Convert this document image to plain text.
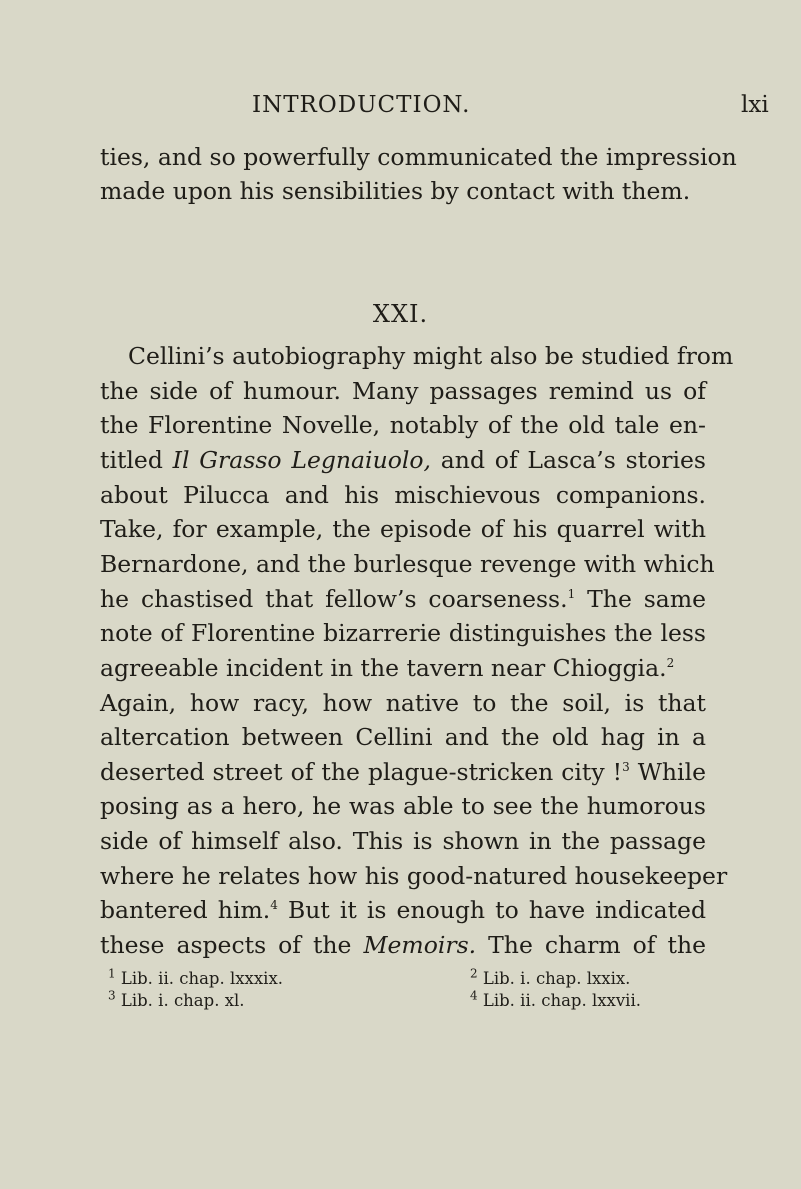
INTRODUCTION.	lxi
ties, and so powerfully communicated the impression
made upon his sensibilities by contact with them.
XXI.
Cellini’s autobiography might also be studied from
the side of humour. Many passages remind us of
the Florentine Novelle, notably of the old tale en-
titled Il Grasso Legnaiuolo, and of Lasca’s stories
about Pilucca and his mischievous companions.
Take, for example, the episode of his quarrel with
Bernardone, and the burlesque revenge with which
he chastised that fellow’s coarseness.$^1$ The same
note of Florentine bizarrerie distinguishes the less
agreeable incident in the tavern near Chioggia.$^2$
Again, how racy, how native to the soil, is that
altercation between Cellini and the old hag in a
deserted street of the plague-stricken city !$^3$ While
posing as a hero, he was able to see the humorous
side of himself also. This is shown in the passage
where he relates how his good-natured housekeeper
bantered him.$^4$ But it is enough to have indicated
these aspects of the Memoirs. The charm of the
$^1$ Lib. ii. chap. lxxxix.	$^2$ Lib. i. chap. lxxix.
$^3$ Lib. i. chap. xl.	$^4$ Lib. ii. chap. lxxvii.
